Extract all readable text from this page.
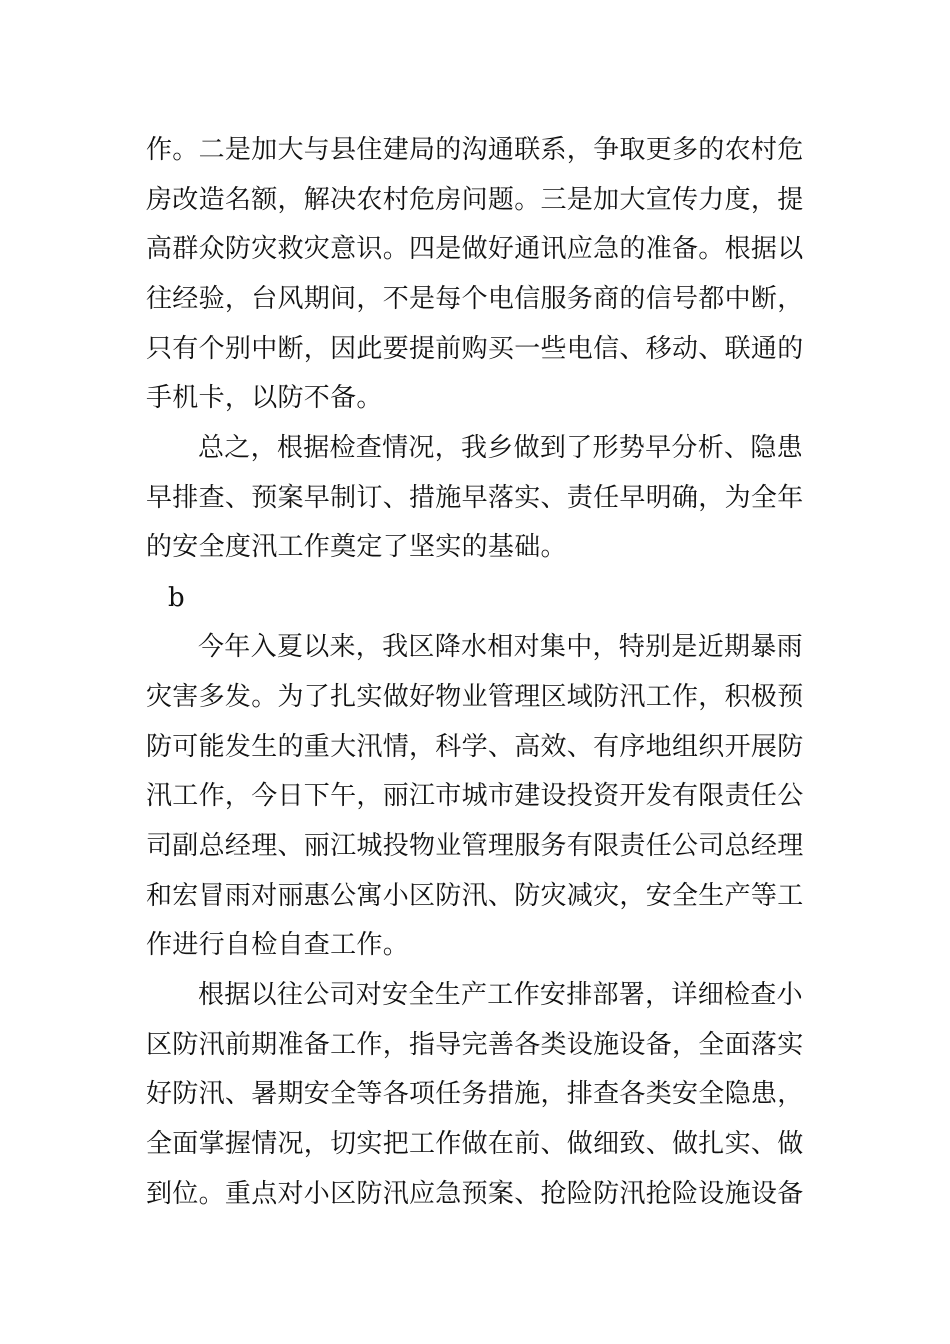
作。二是加大与县住建局的沟通联系，争取更多的农村危
房改造名额，解决农村危房问题。三是加大宣传力度，提
高群众防灾救灾意识。四是做好通讯应急的准备。根据以
往经验，台风期间，不是每个电信服务商的信号都中断，
只有个别中断，因此要提前购买一些电信、移动、联通的
手机卡，以防不备。
总之，根据检查情况，我乡做到了形势早分析、隐患
早排查、预案早制订、措施早落实、责任早明确，为全年
的安全度汛工作奠定了坚实的基础。
b
今年入夏以来，我区降水相对集中，特别是近期暴雨
灾害多发。为了扎实做好物业管理区域防汛工作，积极预
防可能发生的重大汛情，科学、高效、有序地组织开展防
汛工作，今日下午，丽江市城市建设投资开发有限责任公
司副总经理、丽江城投物业管理服务有限责任公司总经理
和宏冒雨对丽惠公寓小区防汛、防灾减灾，安全生产等工
作进行自检自查工作。
根据以往公司对安全生产工作安排部署，详细检查小
区防汛前期准备工作，指导完善各类设施设备，全面落实
好防汛、暑期安全等各项任务措施，排查各类安全隐患，
全面掌握情况，切实把工作做在前、做细致、做扎实、做
到位。重点对小区防汛应急预案、抢险防汛抢险设施设备
